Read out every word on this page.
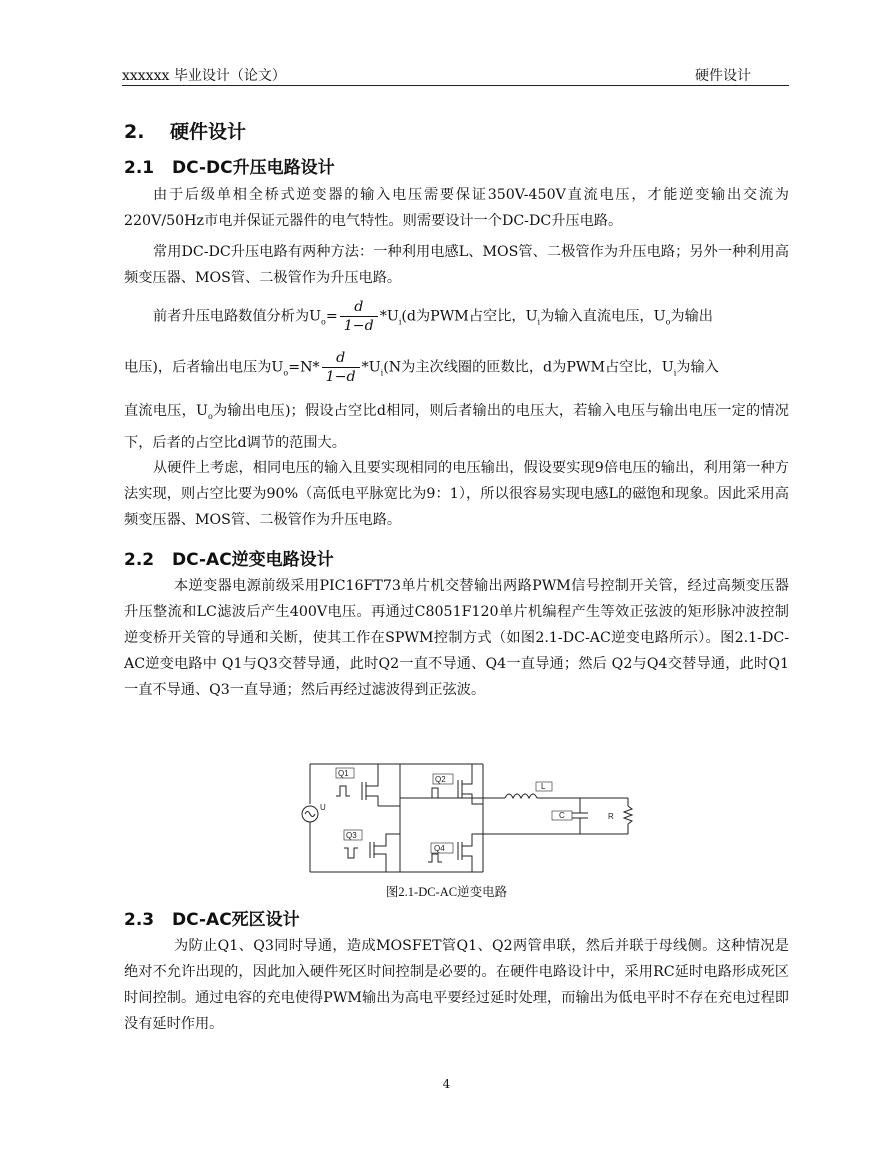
xxxxxx 毕业设计（论文）	硬件设计
2. 硬件设计
2.1 DC-DC升压电路设计

由于后级单相全桥式逆变器的输入电压需要保证350V-450V直流电压，才能逆变输出交流为220V/50Hz市电并保证元器件的电气特性。则需要设计一个DC-DC升压电路。

常用DC-DC升压电路有两种方法：一种利用电感L、MOS管、二极管作为升压电路；另外一种利用高频变压器、MOS管、二极管作为升压电路。

前者升压电路数值分析为$U_o= \frac{d}{1-d} *U_i(d$为PWM占空比，$U_i$为输入直流电压，$U_o$为输出
电压)，后者输出电压为$U_o=N* \frac{d}{1-d} *U_i(N$为主次线圈的匝数比，d为PWM占空比，$U_i$为输入

直流电压，$U_o$为输出电压)；假设占空比d相同，则后者输出的电压大，若输入电压与输出电压一定的情况下，后者的占空比d调节的范围大。

从硬件上考虑，相同电压的输入且要实现相同的电压输出，假设要实现9倍电压的输出，利用第一种方法实现，则占空比要为90%（高低电平脉宽比为9：1），所以很容易实现电感L的磁饱和现象。因此采用高频变压器、MOS管、二极管作为升压电路。

2.2 DC-AC逆变电路设计

本逆变器电源前级采用PIC16FT73单片机交替输出两路PWM信号控制开关管，经过高频变压器升压整流和LC滤波后产生400V电压。再通过C8051F120单片机编程产生等效正弦波的矩形脉冲波控制逆变桥开关管的导通和关断，使其工作在SPWM控制方式（如图2.1-DC-AC逆变电路所示）。图2.1-DC-AC逆变电路中 Q1与Q3交替导通，此时Q2一直不导通、Q4一直导通；然后 Q2与Q4交替导通，此时Q1一直不导通、Q3一直导通；然后再经过滤波得到正弦波。

U
Q1
Q3
Q2
Q4
L
C	R
图2.1-DC-AC逆变电路
2.3 DC-AC死区设计

为防止Q1、Q3同时导通，造成MOSFET管Q1、Q2两管串联，然后并联于母线侧。这种情况是绝对不允许出现的，因此加入硬件死区时间控制是必要的。在硬件电路设计中，采用RC延时电路形成死区时间控制。通过电容的充电使得PWM输出为高电平要经过延时处理，而输出为低电平时不存在充电过程即没有延时作用。

4
